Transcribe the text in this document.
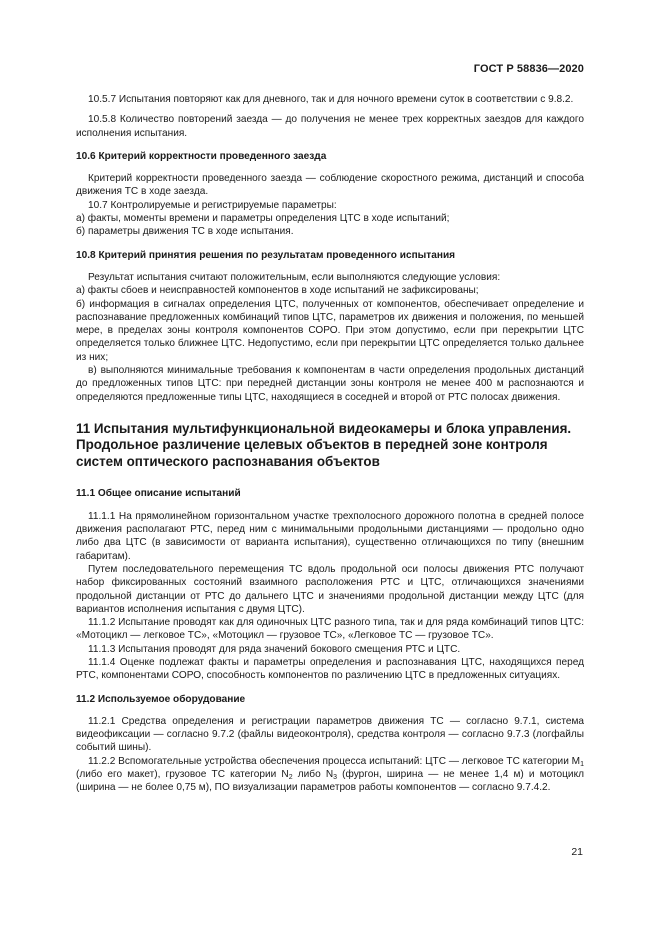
ГОСТ Р 58836—2020

10.5.7 Испытания повторяют как для дневного, так и для ночного времени суток в соответствии с 9.8.2.

10.5.8 Количество повторений заезда — до получения не менее трех корректных заездов для каждого исполнения испытания.

10.6 Критерий корректности проведенного заезда

Критерий корректности проведенного заезда — соблюдение скоростного режима, дистанций и способа движения ТС в ходе заезда.

10.7 Контролируемые и регистрируемые параметры:

а) факты, моменты времени и параметры определения ЦТС в ходе испытаний;

б) параметры движения ТС в ходе испытания.

10.8 Критерий принятия решения по результатам проведенного испытания

Результат испытания считают положительным, если выполняются следующие условия:

а) факты сбоев и неисправностей компонентов в ходе испытаний не зафиксированы;

б) информация в сигналах определения ЦТС, полученных от компонентов, обеспечивает определение и распознавание предложенных комбинаций типов ЦТС, параметров их движения и положения, по меньшей мере, в пределах зоны контроля компонентов СОРО. При этом допустимо, если при перекрытии ЦТС определяется только ближнее ЦТС. Недопустимо, если при перекрытии ЦТС определяется только дальнее из них;

в) выполняются минимальные требования к компонентам в части определения продольных дистанций до предложенных типов ЦТС: при передней дистанции зоны контроля не менее 400 м распознаются и определяются предложенные типы ЦТС, находящиеся в соседней и второй от РТС полосах движения.

11 Испытания мультифункциональной видеокамеры и блока управления. Продольное различение целевых объектов в передней зоне контроля систем оптического распознавания объектов

11.1 Общее описание испытаний

11.1.1 На прямолинейном горизонтальном участке трехполосного дорожного полотна в средней полосе движения располагают РТС, перед ним с минимальными продольными дистанциями — продольно одно либо два ЦТС (в зависимости от варианта испытания), существенно отличающихся по типу (внешним габаритам).

Путем последовательного перемещения ТС вдоль продольной оси полосы движения РТС получают набор фиксированных состояний взаимного расположения РТС и ЦТС, отличающихся значениями продольной дистанции от РТС до дальнего ЦТС и значениями продольной дистанции между ЦТС (для вариантов исполнения испытания с двумя ЦТС).

11.1.2 Испытание проводят как для одиночных ЦТС разного типа, так и для ряда комбинаций типов ЦТС: «Мотоцикл — легковое ТС», «Мотоцикл — грузовое ТС», «Легковое ТС — грузовое ТС».

11.1.3 Испытания проводят для ряда значений бокового смещения РТС и ЦТС.

11.1.4 Оценке подлежат факты и параметры определения и распознавания ЦТС, находящихся перед РТС, компонентами СОРО, способность компонентов по различению ЦТС в предложенных ситуациях.

11.2 Используемое оборудование

11.2.1 Средства определения и регистрации параметров движения ТС — согласно 9.7.1, система видеофиксации — согласно 9.7.2 (файлы видеоконтроля), средства контроля — согласно 9.7.3 (логфайлы событий шины).

11.2.2 Вспомогательные устройства обеспечения процесса испытаний: ЦТС — легковое ТС категории $M_1$ (либо его макет), грузовое ТС категории $N_2$ либо $N_3$ (фургон, ширина — не менее 1,4 м) и мотоцикл (ширина — не более 0,75 м), ПО визуализации параметров работы компонентов — согласно 9.7.4.2.

21
